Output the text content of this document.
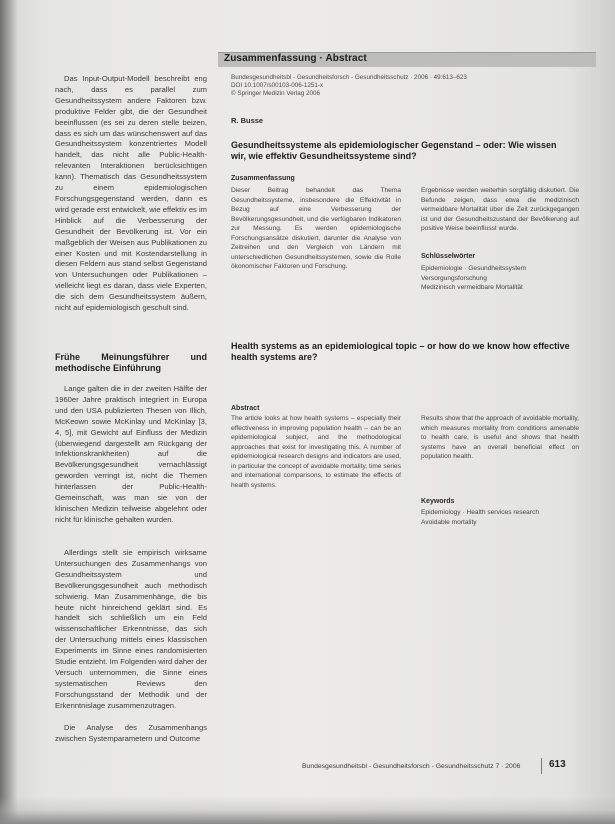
Zusammenfassung · Abstract

Das Input-Output-Modell beschreibt eng nach, dass es parallel zum Gesundheitssystem andere Faktoren bzw. produktive Felder gibt, die der Gesundheit beeinflussen (es sei zu deren stelle beizen, dass es sich um das wünschenswert auf das Gesundheitssystem konzentriertes Modell handelt, das nicht alle Public-Health-relevanten Interaktionen berücksichtigen kann). Thematisch das Gesundheitssystem zu einem epidemiologischen Forschungsgegenstand werden, dann es wird gerade erst entwickelt, wie effektiv es im Hinblick auf die Verbesserung der Gesundheit der Bevölkerung ist. Vor ein maßgeblich der Weisen aus Publikationen zu einer Kosten und mit Kostendarstellung in diesen Feldern aus stand selbst Gegenstand von Untersuchungen oder Publikationen – vielleicht liegt es daran, dass viele Experten, die sich dem Gesundheitssystem äußern, nicht auf epidemiologisch geschult sind.

Frühe Meinungsführer und methodische Einführung

Lange galten die in der zweiten Hälfte der 1960er Jahre praktisch integriert in Europa und den USA publizierten Thesen von Illich, McKeown sowie McKinlay und McKinlay [3, 4, 5], mit Gewicht auf Einfluss der Medizin (überwiegend dargestellt am Rückgang der Infektionskrankheiten) auf die Bevölkerungsgesundheit vernachlässigt geworden verringt ist, nicht die Themen hinterlassen der Public-Health-Gemeinschaft, was man sie von der klinischen Medizin teilweise abgelehnt oder nicht für klinische gehalten wurden.

Allerdings stellt sie empirisch wirksame Untersuchungen des Zusammenhangs von Gesundheitssystem und Bevölkerungsgesundheit auch methodisch schwierig. Man Zusammenhänge, die bis heute nicht hinreichend geklärt sind. Es handelt sich schließlich um ein Feld wissenschaftlicher Erkenntnisse, das sich der Untersuchung mittels eines klassischen Experiments im Sinne eines randomisierten Studie entzieht. Im Folgenden wird daher der Versuch unternommen, die Sinne eines systematischen Reviews den Forschungsstand der Methodik und der Erkenntnislage zusammenzutragen.

Die Analyse des Zusammenhangs zwischen Systemparametern und Outcome

Bundesgesundheitsbl - Gesundheitsforsch - Gesundheitsschutz · 2006 · 49:613–623
DOI 10.1007/s00103-006-1251-x
© Springer Medizin Verlag 2006
R. Busse
Gesundheitssysteme als epidemiologischer Gegenstand – oder: Wie wissen wir, wie effektiv Gesundheitssysteme sind?
Zusammenfassung
Dieser Beitrag behandelt das Thema Gesundheitssysteme, insbesondere die Effektivität in Bezug auf eine Verbesserung der Bevölkerungsgesundheit, und die verfügbaren Indikatoren zur Messung. Es werden epidemiologische Forschungsansätze diskutiert, darunter die Analyse von Zeitreihen und den Vergleich von Ländern mit unterschiedlichen Gesundheitssystemen, sowie die Rolle ökonomischer Faktoren und Forschung.
Ergebnisse werden weiterhin sorgfältig diskutiert. Die Befunde zeigen, dass etwa die medizinisch vermeidbare Mortalität über die Zeit zurückgegangen ist und der Gesundheitszustand der Bevölkerung auf positive Weise beeinflusst wurde.
Schlüsselwörter
Epidemiologie · Gesundheitssystem
Versorgungsforschung
Medizinisch vermeidbare Mortalität
Health systems as an epidemiological topic – or how do we know how effective health systems are?
Abstract
The article looks at how health systems – especially their effectiveness in improving population health – can be an epidemiological subject, and the methodological approaches that exist for investigating this. A number of epidemiological research designs and indicators are used, in particular the concept of avoidable mortality, time series and international comparisons, to estimate the effects of health systems.
Results show that the approach of avoidable mortality, which measures mortality from conditions amenable to health care, is useful and shows that health systems have an overall beneficial effect on population health.
Keywords
Epidemiology · Health services research
Avoidable mortality
Bundesgesundheitsbl - Gesundheitsforsch - Gesundheitsschutz 7 · 2006	613
